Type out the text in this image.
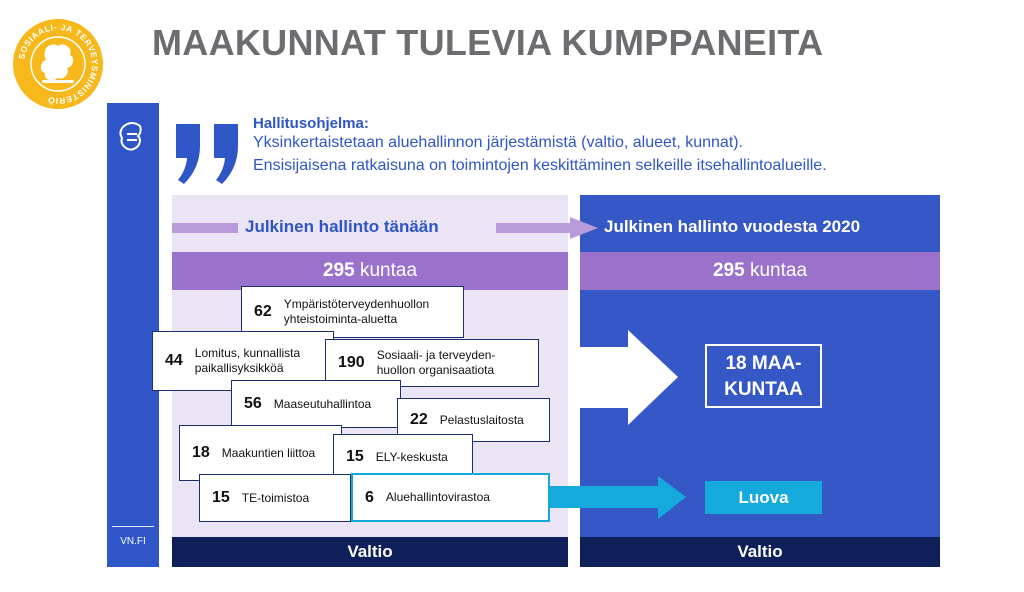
SOSIAALI- JA TERVEYSMINISTERIÖ
MAAKUNNAT TULEVIA KUMPPANEITA
VN.FI
Hallitusohjelma:
Yksinkertaistetaan aluehallinnon järjestämistä (valtio, alueet, kunnat).
Ensisijaisena ratkaisuna on toimintojen keskittäminen selkeille itsehallintoalueille.
Julkinen hallinto tänään	Julkinen hallinto vuodesta 2020
295 kuntaa	295 kuntaa
62 Ympäristöterveydenhuollon
yhteistoiminta-aluetta
44 Lomitus, kunnallista
paikallisyksikköä	190 Sosiaali- ja terveyden-
huollon organisaatiota
56 Maaseutuhallintoa
22 Pelastuslaitosta
18 Maakuntien liittoa 15 ELY-keskusta
15 TE-toimistoa	6 Aluehallintovirastoa
18 MAA-
KUNTAA
Luova
Valtio	Valtio
